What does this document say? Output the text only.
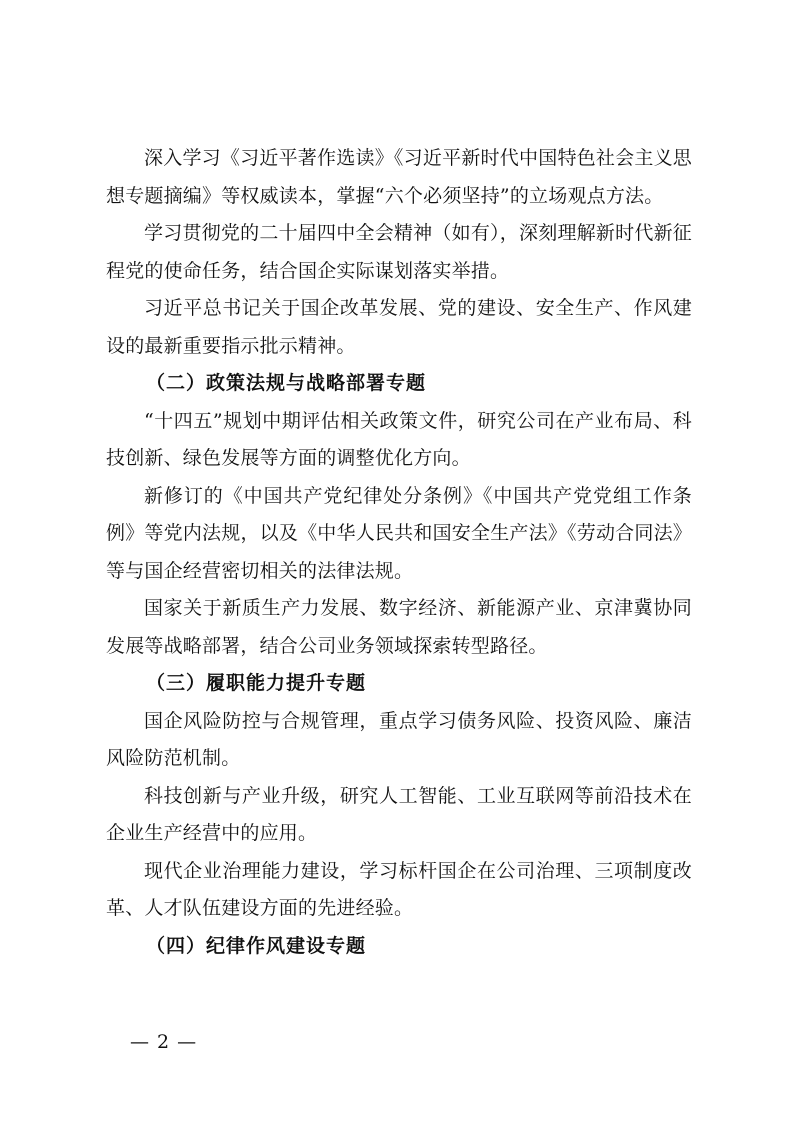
深入学习《习近平著作选读》《习近平新时代中国特色社会主义思想专题摘编》等权威读本，掌握“六个必须坚持”的立场观点方法。

学习贯彻党的二十届四中全会精神（如有），深刻理解新时代新征程党的使命任务，结合国企实际谋划落实举措。

习近平总书记关于国企改革发展、党的建设、安全生产、作风建设的最新重要指示批示精神。

（二）政策法规与战略部署专题

“十四五”规划中期评估相关政策文件，研究公司在产业布局、科技创新、绿色发展等方面的调整优化方向。

新修订的《中国共产党纪律处分条例》《中国共产党党组工作条例》等党内法规，以及《中华人民共和国安全生产法》《劳动合同法》等与国企经营密切相关的法律法规。

国家关于新质生产力发展、数字经济、新能源产业、京津冀协同发展等战略部署，结合公司业务领域探索转型路径。

（三）履职能力提升专题

国企风险防控与合规管理，重点学习债务风险、投资风险、廉洁风险防范机制。

科技创新与产业升级，研究人工智能、工业互联网等前沿技术在企业生产经营中的应用。

现代企业治理能力建设，学习标杆国企在公司治理、三项制度改革、人才队伍建设方面的先进经验。

（四）纪律作风建设专题

— 2 —
